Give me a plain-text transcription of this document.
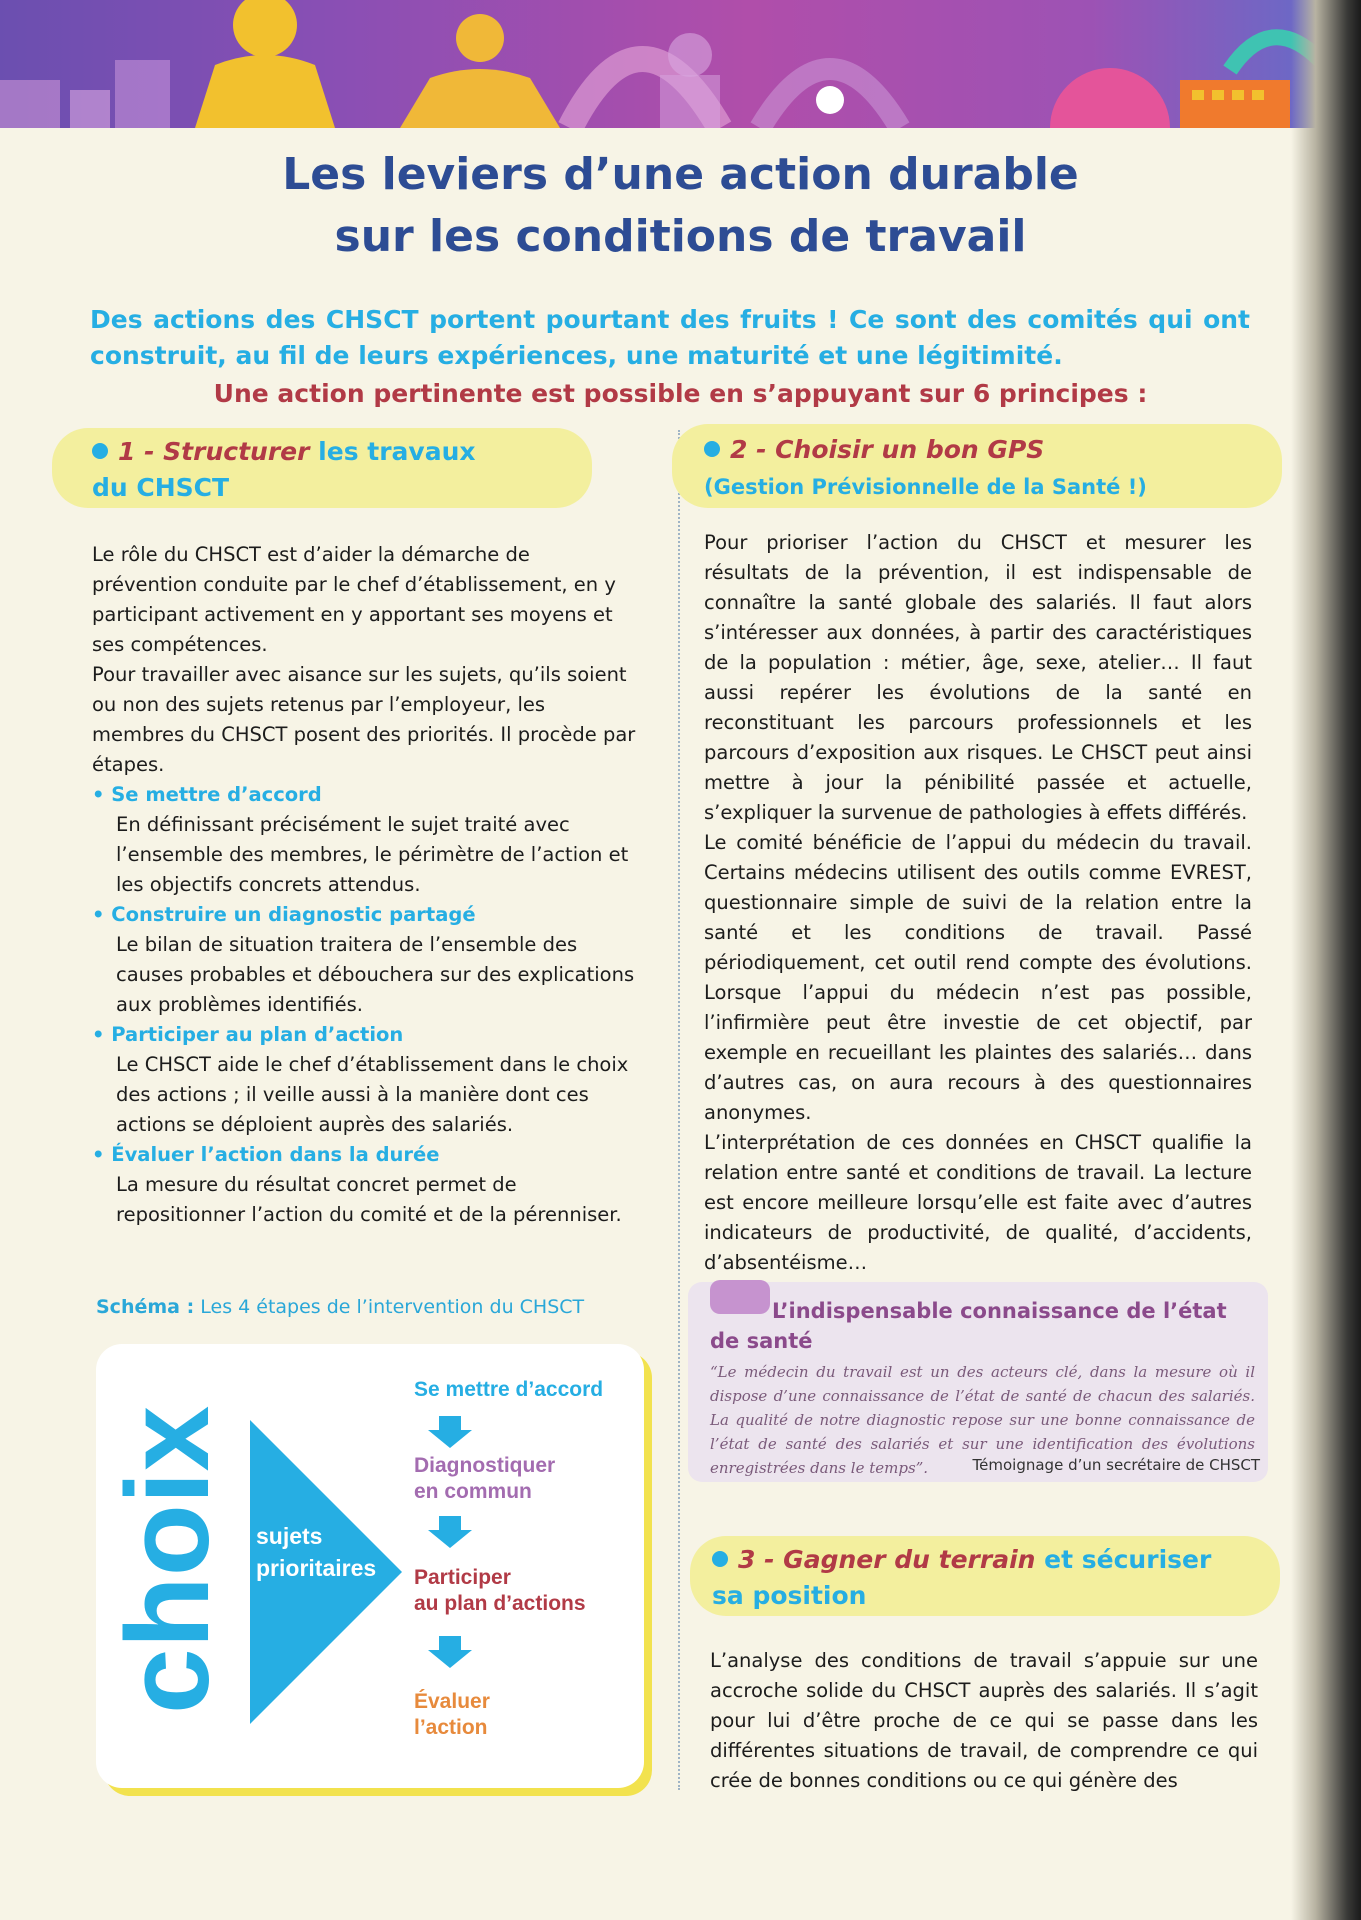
Les leviers d’une action durable
sur les conditions de travail
Des actions des CHSCT portent pourtant des fruits ! Ce sont des comités qui ont construit, au fil de leurs expériences, une maturité et une légitimité.
Une action pertinente est possible en s’appuyant sur 6 principes :
1 - Structurer les travaux
du CHSCT

Le rôle du CHSCT est d’aider la démarche de prévention conduite par le chef d’établissement, en y participant activement en y apportant ses moyens et ses compétences.

Pour travailler avec aisance sur les sujets, qu’ils soient ou non des sujets retenus par l’employeur, les membres du CHSCT posent des priorités. Il procède par étapes.

• Se mettre d’accord
En définissant précisément le sujet traité avec l’ensemble des membres, le périmètre de l’action et les objectifs concrets attendus.
• Construire un diagnostic partagé
Le bilan de situation traitera de l’ensemble des causes probables et débouchera sur des explications aux problèmes identifiés.
• Participer au plan d’action
Le CHSCT aide le chef d’établissement dans le choix des actions ; il veille aussi à la manière dont ces actions se déploient auprès des salariés.
• Évaluer l’action dans la durée
La mesure du résultat concret permet de repositionner l’action du comité et de la pérenniser.
Schéma : Les 4 étapes de l’intervention du CHSCT
choix sujets
prioritaires
Se mettre d’accord
Diagnostiquer
en commun
Participer
au plan d’actions
Évaluer
l’action
2 - Choisir un bon GPS
(Gestion Prévisionnelle de la Santé !)

Pour prioriser l’action du CHSCT et mesurer les résultats de la prévention, il est indispensable de connaître la santé globale des salariés. Il faut alors s’intéresser aux données, à partir des caractéristiques de la population : métier, âge, sexe, atelier… Il faut aussi repérer les évolutions de la santé en reconstituant les parcours professionnels et les parcours d’exposition aux risques. Le CHSCT peut ainsi mettre à jour la pénibilité passée et actuelle, s’expliquer la survenue de pathologies à effets différés.

Le comité bénéficie de l’appui du médecin du travail. Certains médecins utilisent des outils comme EVREST, questionnaire simple de suivi de la relation entre la santé et les conditions de travail. Passé périodiquement, cet outil rend compte des évolutions. Lorsque l’appui du médecin n’est pas possible, l’infirmière peut être investie de cet objectif, par exemple en recueillant les plaintes des salariés… dans d’autres cas, on aura recours à des questionnaires anonymes.

L’interprétation de ces données en CHSCT qualifie la relation entre santé et conditions de travail. La lecture est encore meilleure lorsqu’elle est faite avec d’autres indicateurs de productivité, de qualité, d’accidents, d’absentéisme…

L’indispensable connaissance de l’état de santé
“Le médecin du travail est un des acteurs clé, dans la mesure où il dispose d’une connaissance de l’état de santé de chacun des salariés. La qualité de notre diagnostic repose sur une bonne connaissance de l’état de santé des salariés et sur une identification des évolutions enregistrées dans le temps”.	Témoignage d’un secrétaire de CHSCT
3 - Gagner du terrain et sécuriser
sa position

L’analyse des conditions de travail s’appuie sur une accroche solide du CHSCT auprès des salariés. Il s’agit pour lui d’être proche de ce qui se passe dans les différentes situations de travail, de comprendre ce qui crée de bonnes conditions ou ce qui génère des
